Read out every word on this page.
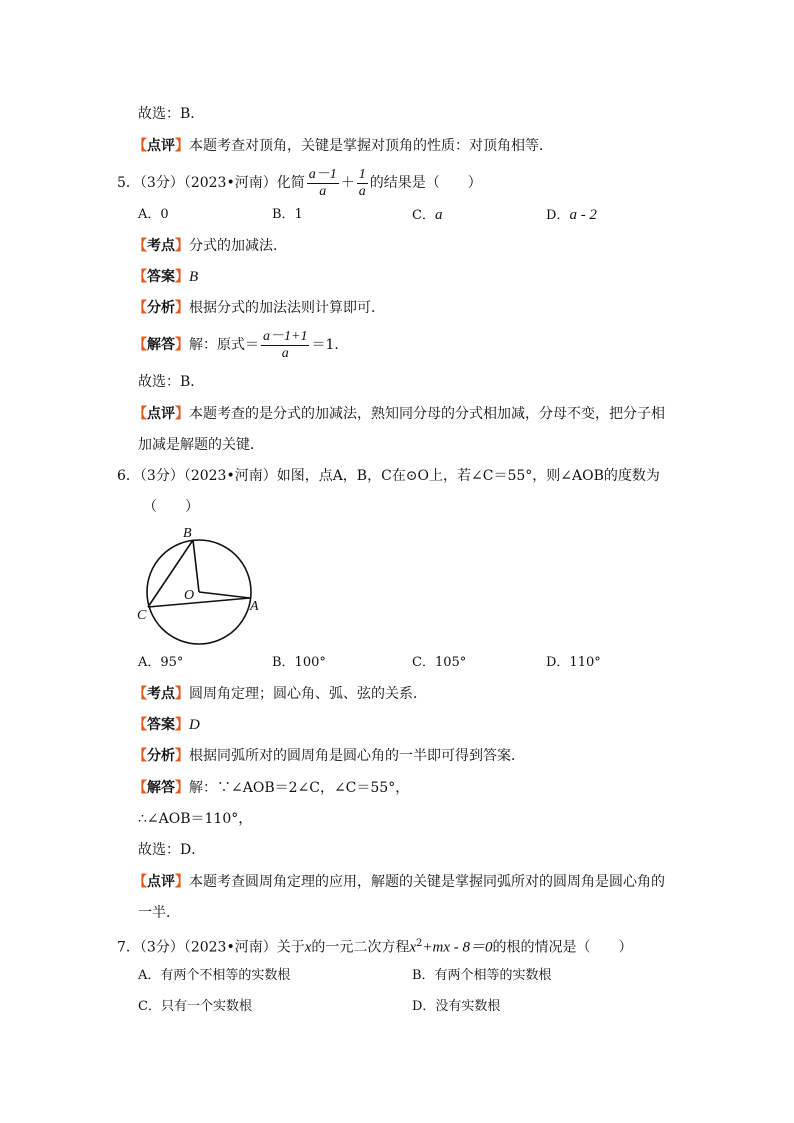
故选：B．
【点评】本题考查对顶角，关键是掌握对顶角的性质：对顶角相等．
5．（3分）（2023•河南）化简 $\frac{a-1}{a} + \frac{1}{a}$ 的结果是（　　）
A．0	B．1	C．a	D．a - 2
【考点】分式的加减法．
【答案】B
【分析】根据分式的加法法则计算即可．
【解答】解：原式＝ $\frac{a-1+1}{a} =1$．
故选：B．
【点评】本题考查的是分式的加减法，熟知同分母的分式相加减，分母不变，把分子相
加减是解题的关键．
6．（3分）（2023•河南）如图，点A，B，C在⊙O上，若∠C＝55°，则∠AOB的度数为
（　　）
B
O
C
A
A．95°	B．100°	C．105°	D．110°
【考点】圆周角定理；圆心角、弧、弦的关系．
【答案】D
【分析】根据同弧所对的圆周角是圆心角的一半即可得到答案．
【解答】解：∵∠AOB＝2∠C，∠C＝55°，
∴∠AOB＝110°，
故选：D．
【点评】本题考查圆周角定理的应用，解题的关键是掌握同弧所对的圆周角是圆心角的
一半．
7．（3分）（2023•河南）关于x的一元二次方程$x^2+mx - 8=0$的根的情况是（　　）
A．有两个不相等的实数根	B．有两个相等的实数根
C．只有一个实数根	D．没有实数根
